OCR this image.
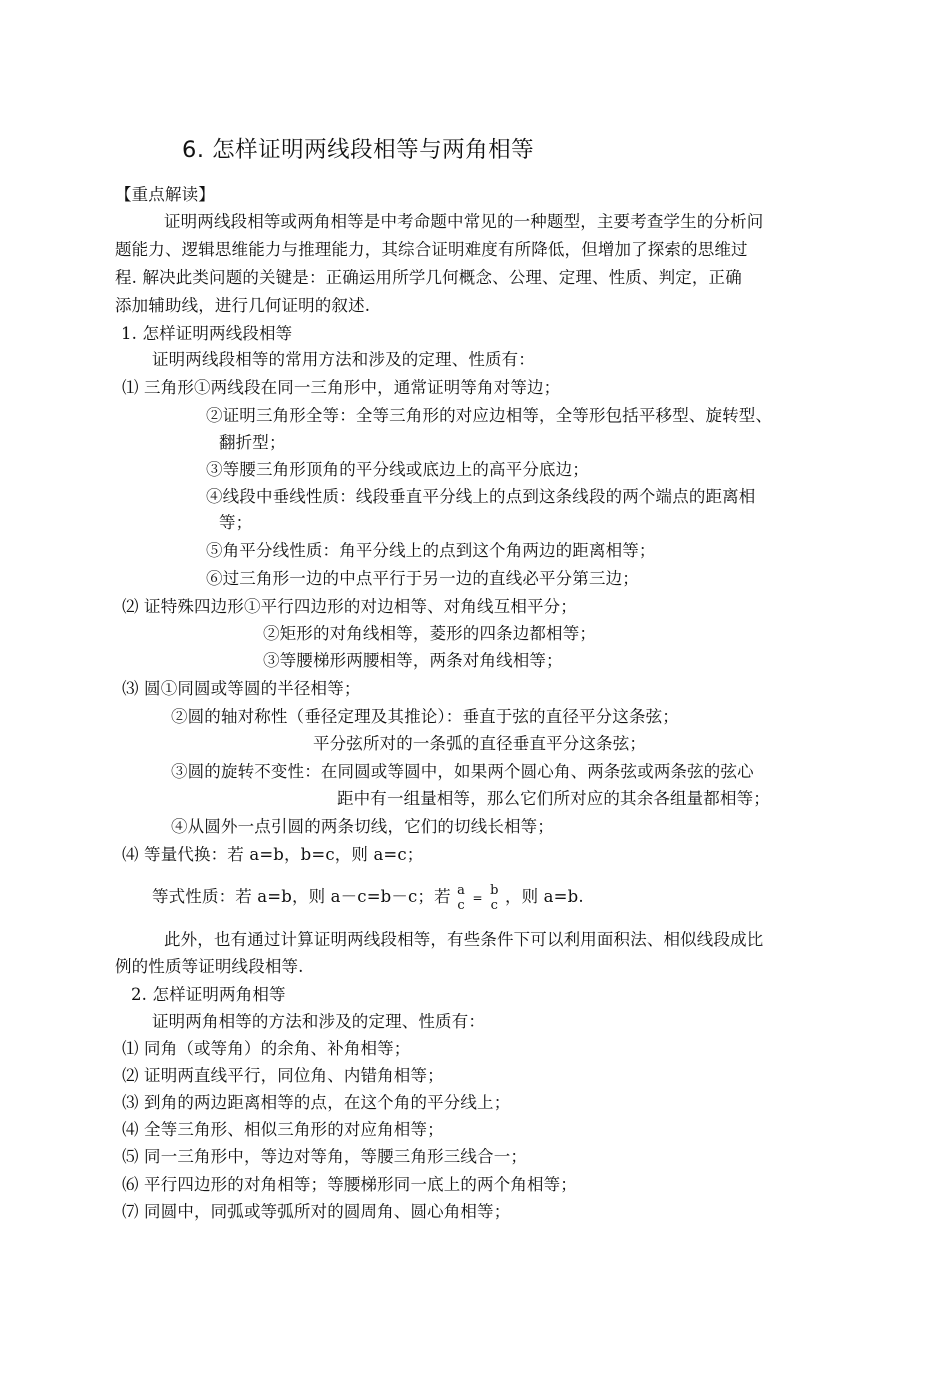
6. 怎样证明两线段相等与两角相等
【重点解读】
证明两线段相等或两角相等是中考命题中常见的一种题型，主要考查学生的分析问
题能力、逻辑思维能力与推理能力，其综合证明难度有所降低，但增加了探索的思维过
程. 解决此类问题的关键是：正确运用所学几何概念、公理、定理、性质、判定，正确
添加辅助线，进行几何证明的叙述.
1. 怎样证明两线段相等
证明两线段相等的常用方法和涉及的定理、性质有：
⑴ 三角形①两线段在同一三角形中，通常证明等角对等边；
②证明三角形全等：全等三角形的对应边相等，全等形包括平移型、旋转型、
翻折型；
③等腰三角形顶角的平分线或底边上的高平分底边；
④线段中垂线性质：线段垂直平分线上的点到这条线段的两个端点的距离相
等；
⑤角平分线性质：角平分线上的点到这个角两边的距离相等；
⑥过三角形一边的中点平行于另一边的直线必平分第三边；
⑵ 证特殊四边形①平行四边形的对边相等、对角线互相平分；
②矩形的对角线相等，菱形的四条边都相等；
③等腰梯形两腰相等，两条对角线相等；
⑶ 圆①同圆或等圆的半径相等；
②圆的轴对称性（垂径定理及其推论）：垂直于弦的直径平分这条弦；
平分弦所对的一条弧的直径垂直平分这条弦；
③圆的旋转不变性：在同圆或等圆中，如果两个圆心角、两条弦或两条弦的弦心
距中有一组量相等，那么它们所对应的其余各组量都相等；
④从圆外一点引圆的两条切线，它们的切线长相等；
⑷ 等量代换：若 a=b，b=c，则 a=c；
等式性质：若 a=b，则 a－c=b－c；若 a
c = b
c ，则 a=b.
此外，也有通过计算证明两线段相等，有些条件下可以利用面积法、相似线段成比
例的性质等证明线段相等.
2. 怎样证明两角相等
证明两角相等的方法和涉及的定理、性质有：
⑴ 同角（或等角）的余角、补角相等；
⑵ 证明两直线平行，同位角、内错角相等；
⑶ 到角的两边距离相等的点，在这个角的平分线上；
⑷ 全等三角形、相似三角形的对应角相等；
⑸ 同一三角形中，等边对等角，等腰三角形三线合一；
⑹ 平行四边形的对角相等；等腰梯形同一底上的两个角相等；
⑺ 同圆中，同弧或等弧所对的圆周角、圆心角相等；
